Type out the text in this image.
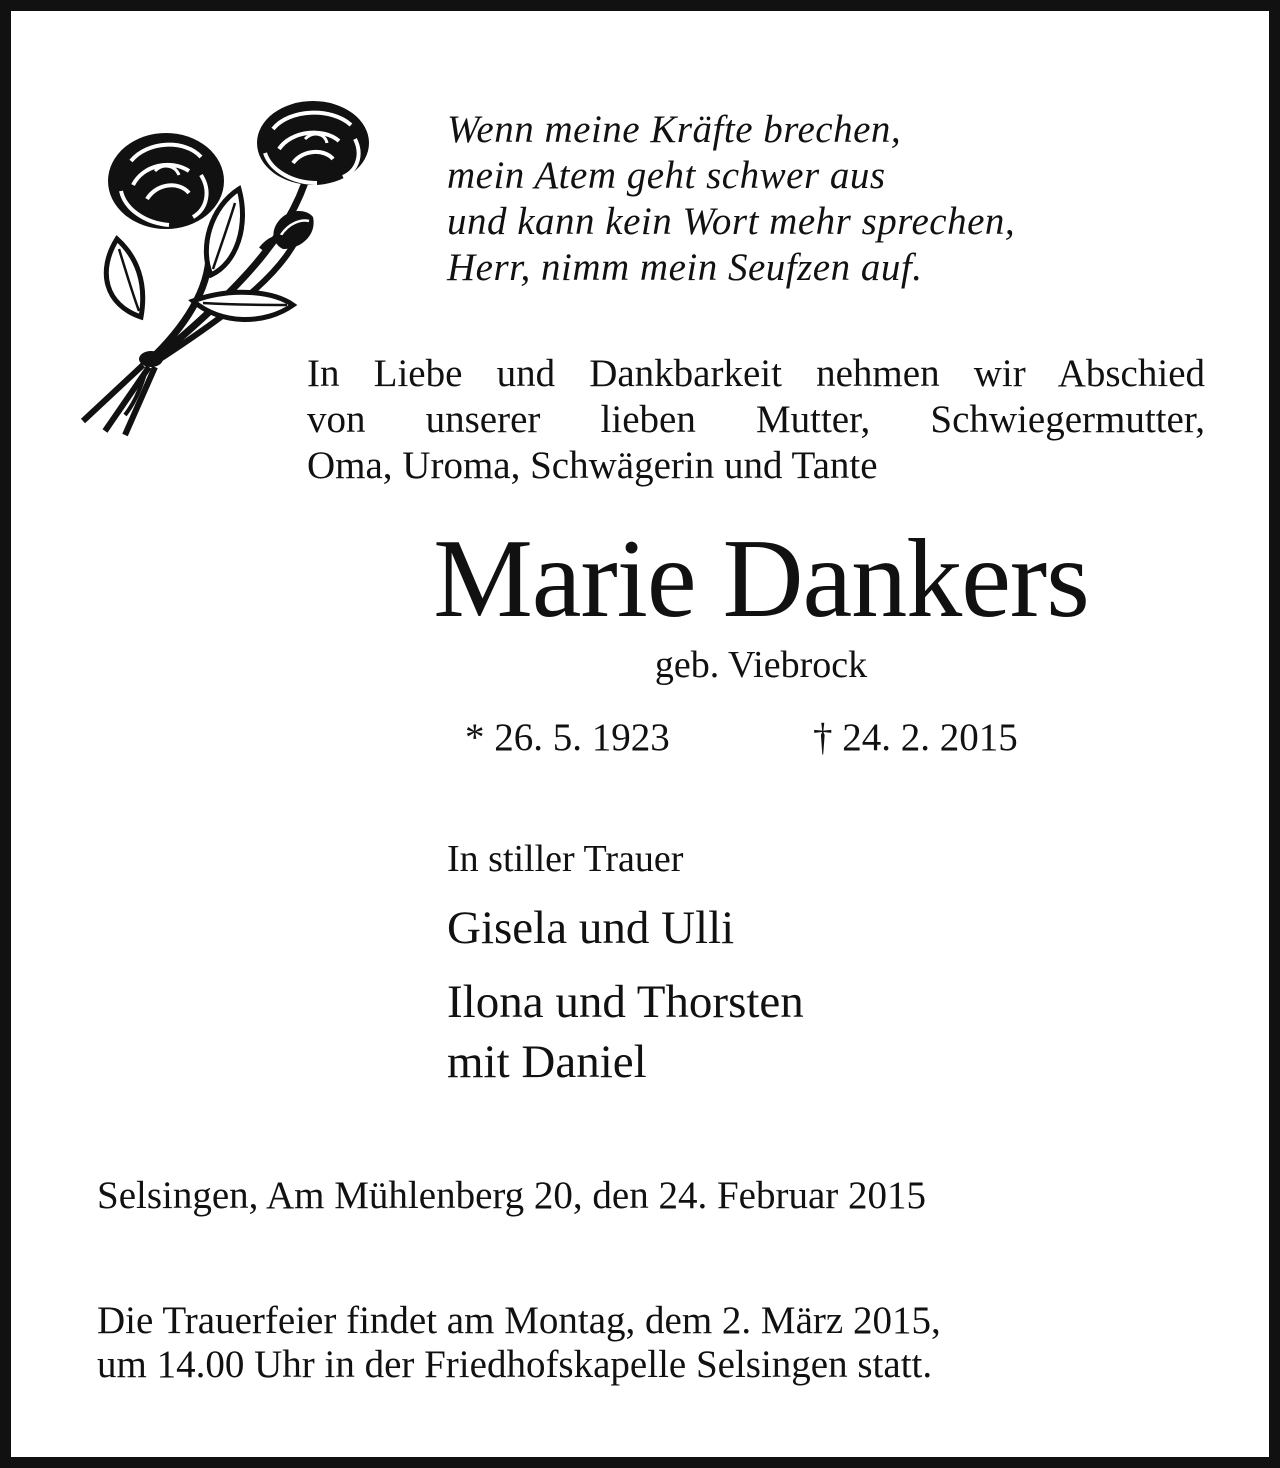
Wenn meine Kräfte brechen,
mein Atem geht schwer aus
und kann kein Wort mehr sprechen,
Herr, nimm mein Seufzen auf.
In Liebe und Dankbarkeit nehmen wir Abschied
von unserer lieben Mutter, Schwiegermutter,
Oma, Uroma, Schwägerin und Tante
Marie Dankers
geb. Viebrock
* 26. 5. 1923	† 24. 2. 2015
In stiller Trauer
Gisela und Ulli
Ilona und Thorsten
mit Daniel
Selsingen, Am Mühlenberg 20, den 24. Februar 2015
Die Trauerfeier findet am Montag, dem 2. März 2015,
um 14.00 Uhr in der Friedhofskapelle Selsingen statt.
